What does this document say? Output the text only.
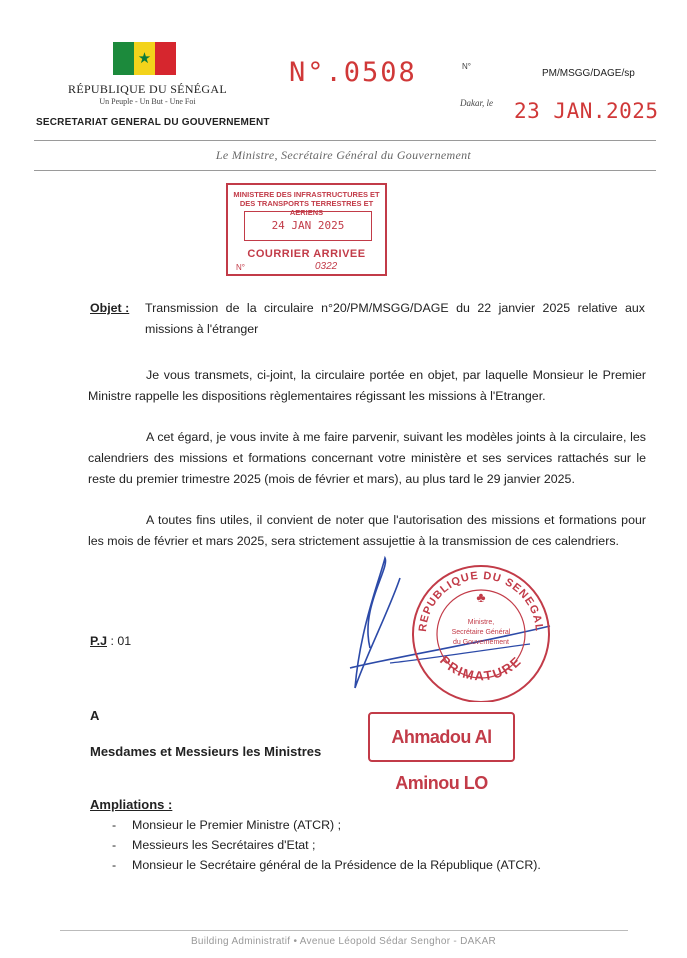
★
RÉPUBLIQUE DU SÉNÉGAL
Un Peuple - Un But - Une Foi
SECRETARIAT GENERAL DU GOUVERNEMENT
N°.0508	N°
PM/MSGG/DAGE/sp
Dakar, le 23 JAN.2025
Le Ministre, Secrétaire Général du Gouvernement
MINISTERE DES INFRASTRUCTURES ET DES TRANSPORTS TERRESTRES ET AERIENS
24 JAN 2025
COURRIER ARRIVEE
N°	0322
Objet : Transmission de la circulaire n°20/PM/MSGG/DAGE du 22 janvier 2025 relative aux missions à l'étranger
Je vous transmets, ci-joint, la circulaire portée en objet, par laquelle Monsieur le Premier Ministre rappelle les dispositions règlementaires régissant les missions à l'Etranger.
A cet égard, je vous invite à me faire parvenir, suivant les modèles joints à la circulaire, les calendriers des missions et formations concernant votre ministère et ses services rattachés sur le reste du premier trimestre 2025 (mois de février et mars), au plus tard le 29 janvier 2025.
A toutes fins utiles, il convient de noter que l'autorisation des missions et formations pour les mois de février et mars 2025, sera strictement assujettie à la transmission de ces calendriers.
REPUBLIQUE DU SENEGAL
PRIMATURE
♣
Ministre,
Secrétaire Général
du Gouvernement
P.J : 01
A
Mesdames et Messieurs les Ministres
Ahmadou Al Aminou LO
Ampliations :
- Monsieur le Premier Ministre (ATCR) ;
- Messieurs les Secrétaires d'Etat ;
- Monsieur le Secrétaire général de la Présidence de la République (ATCR).
Building Administratif • Avenue Léopold Sédar Senghor - DAKAR
